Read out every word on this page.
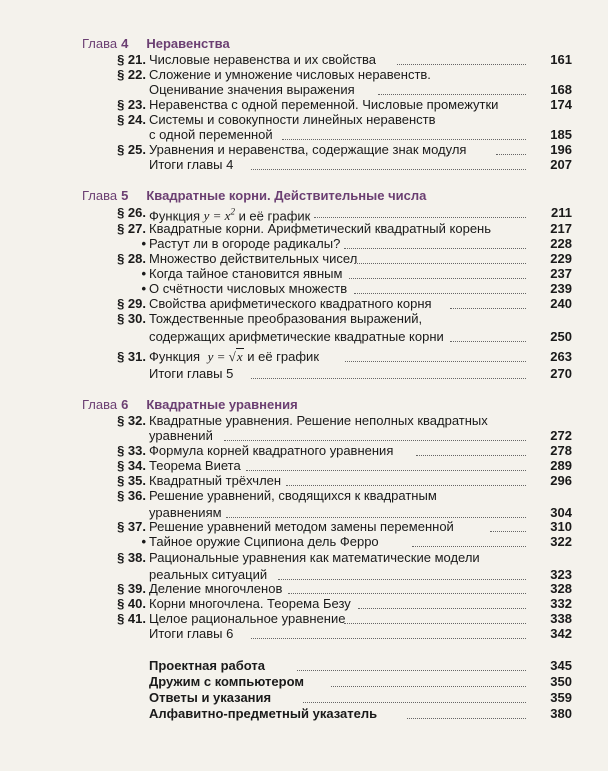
Глава 4 Неравенства
§ 21. Числовые неравенства и их свойства	161
§ 22. Сложение и умножение числовых неравенств.
Оценивание значения выражения	168
§ 23. Неравенства с одной переменной. Числовые промежутки	174
§ 24. Системы и совокупности линейных неравенств
с одной переменной	185
§ 25. Уравнения и неравенства, содержащие знак модуля	196
Итоги главы 4	207
Глава 5 Квадратные корни. Действительные числа
§ 26. Функция $y = x^2$ и её график	211
§ 27. Квадратные корни. Арифметический квадратный корень	217
• Растут ли в огороде радикалы?	228
§ 28. Множество действительных чисел	229
• Когда тайное становится явным	237
• О счётности числовых множеств	239
§ 29. Свойства арифметического квадратного корня	240
§ 30. Тождественные преобразования выражений,
содержащих арифметические квадратные корни	250
§ 31. Функция y = √x и её график	263
Итоги главы 5	270
Глава 6 Квадратные уравнения
§ 32. Квадратные уравнения. Решение неполных квадратных
уравнений	272
§ 33. Формула корней квадратного уравнения	278
§ 34. Теорема Виета	289
§ 35. Квадратный трёхчлен	296
§ 36. Решение уравнений, сводящихся к квадратным
уравнениям	304
§ 37. Решение уравнений методом замены переменной	310
• Тайное оружие Сципиона дель Ферро	322
§ 38. Рациональные уравнения как математические модели
реальных ситуаций	323
§ 39. Деление многочленов	328
§ 40. Корни многочлена. Теорема Безу	332
§ 41. Целое рациональное уравнение	338
Итоги главы 6	342
Проектная работа	345
Дружим с компьютером	350
Ответы и указания	359
Алфавитно-предметный указатель	380
